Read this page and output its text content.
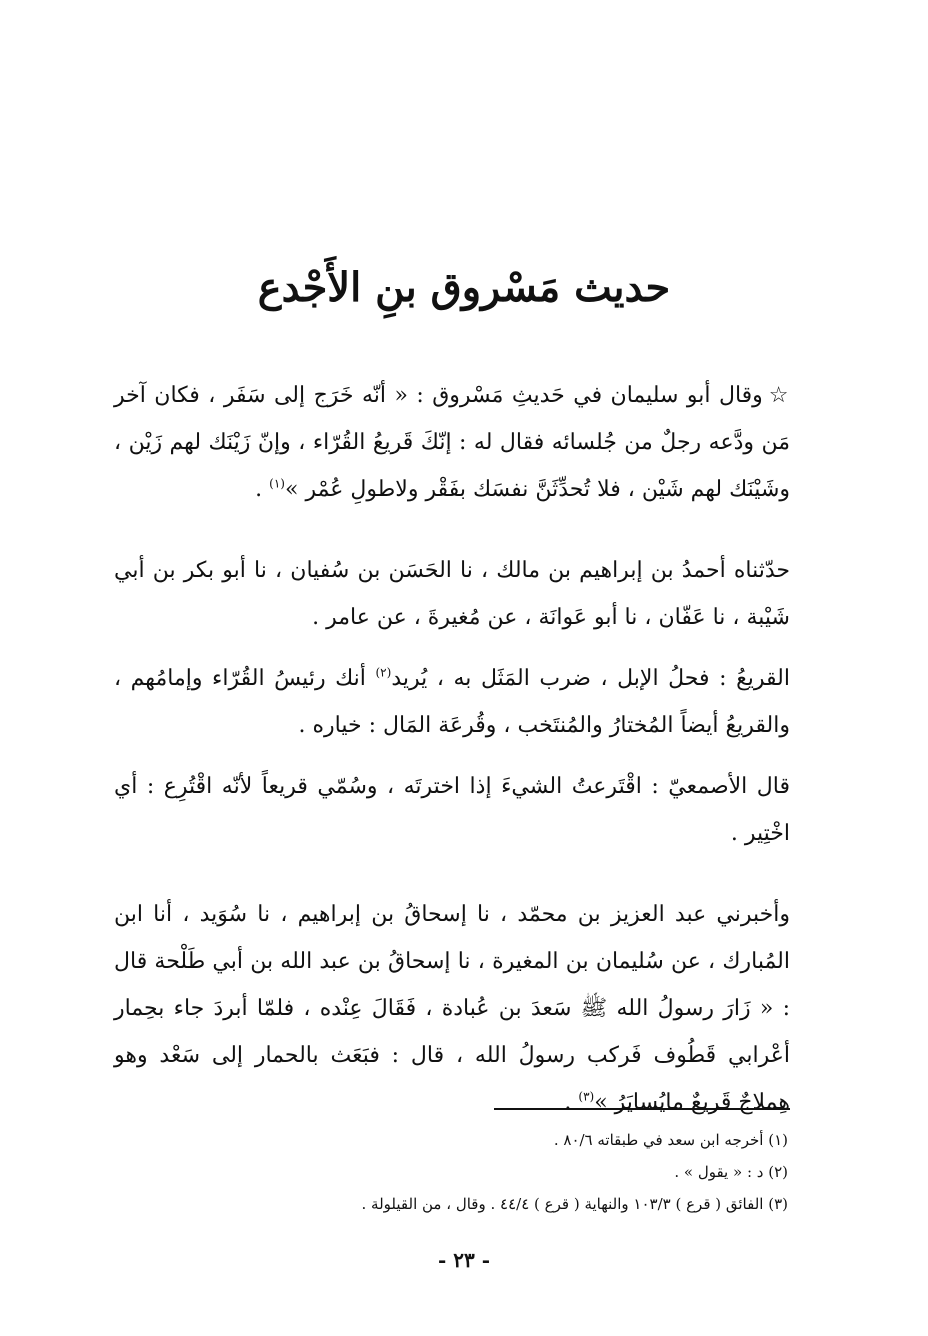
حديث مَسْروق بنِ الأَجْدع

☆وقال أبو سليمان في حَديثِ مَسْروق : « أنّه خَرَج إلى سَفَر ، فكان آخر مَن ودَّعه رجلٌ من جُلسائه فقال له : إنّكَ قَريعُ القُرّاء ، وإنّ زَيْنَك لهم زَيْن ، وشَيْنَك لهم شَيْن ، فلا تُحدِّثَنَّ نفسَك بفَقْر ولاطولِ عُمْر »$^{(١)}$ .

حدّثناه أحمدُ بن إبراهيم بن مالك ، نا الحَسَن بن سُفيان ، نا أبو بكر بن أبي شَيْبة ، نا عَفّان ، نا أبو عَوانَة ، عن مُغيرةَ ، عن عامر .

القريعُ : فحلُ الإبل ، ضرب المَثَل به ، يُريد$^{(٢)}$ أنك رئيسُ القُرّاء وإمامُهم ، والقريعُ أيضاً المُختارُ والمُنتَخب ، وقُرعَة المَال : خياره .

قال الأصمعيّ : اقْتَرعتُ الشيءَ إذا اخترتَه ، وسُمّي قريعاً لأنّه اقْتُرِع : أي اخْتِير .

وأخبرني عبد العزيز بن محمّد ، نا إسحاقُ بن إبراهيم ، نا سُوَيد ، أنا ابن المُبارك ، عن سُليمان بن المغيرة ، نا إسحاقُ بن عبد الله بن أبي طَلْحة قال : « زَارَ رسولُ الله ﷺ سَعدَ بن عُبادة ، فَقَالَ عِنْده ، فلمّا أبردَ جاء بحِمار أعْرابي قَطُوف فَركب رسولُ الله ، قال : فبَعَث بالحمار إلى سَعْد وهو هِملاجٌ قَريعٌ مايُسايَرُ »$^{(٣)}$ .

(١) أخرجه ابن سعد في طبقاته ٨٠/٦ .

(٢) د : « يقول » .

(٣) الفائق ( قرع ) ١٠٣/٣ والنهاية ( قرع ) ٤٤/٤ . وقال ، من القيلولة .

- ٢٣ -
